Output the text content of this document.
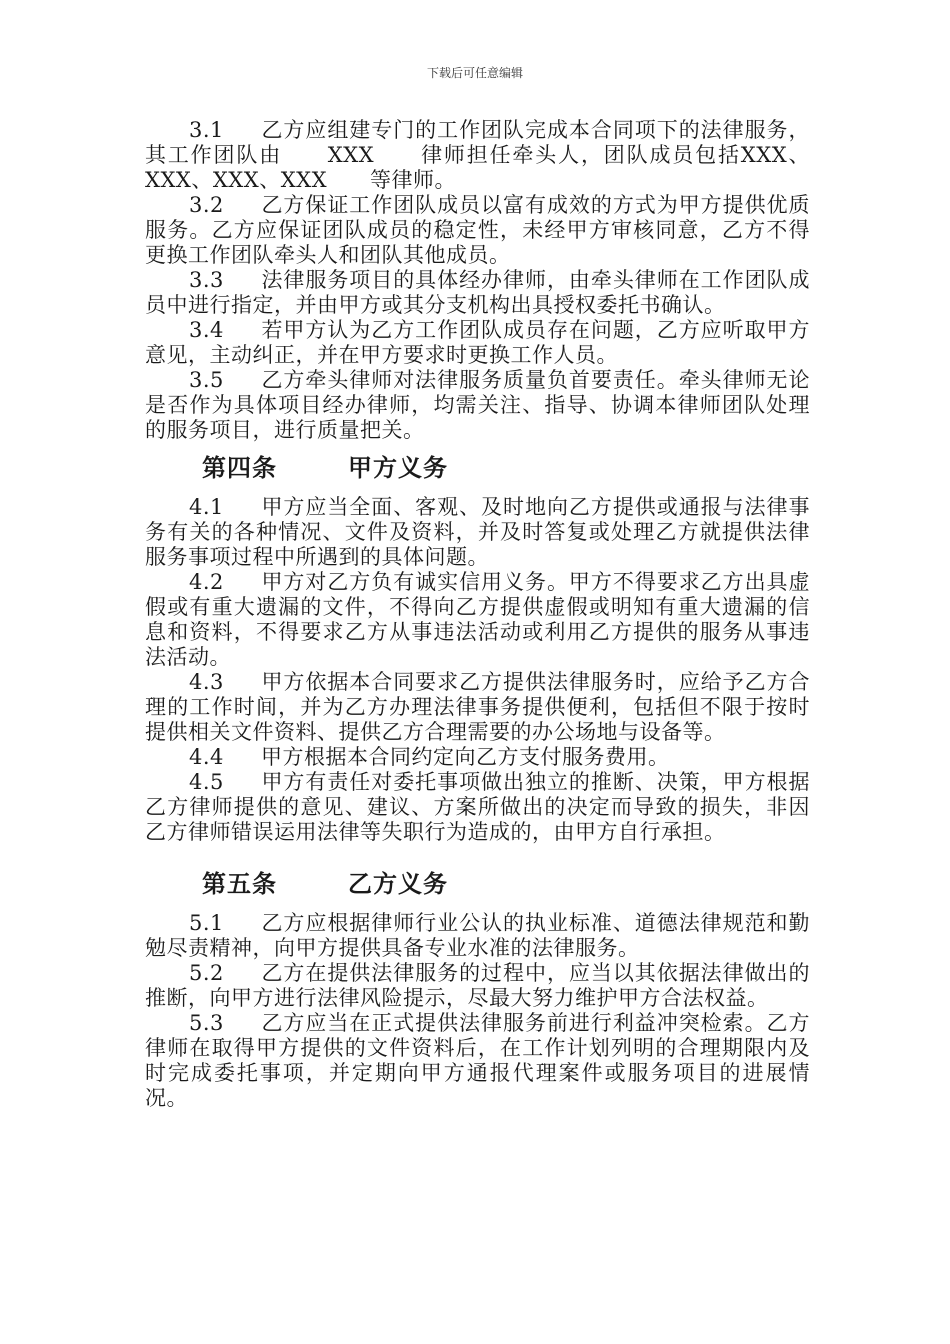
下载后可任意编辑

3.1 乙方应组建专门的工作团队完成本合同项下的法律服务，其工作团队由　　XXX　　律师担任牵头人，团队成员包括XXX、XXX、XXX、XXX　　等律师。

3.2 乙方保证工作团队成员以富有成效的方式为甲方提供优质服务。乙方应保证团队成员的稳定性，未经甲方审核同意，乙方不得更换工作团队牵头人和团队其他成员。

3.3 法律服务项目的具体经办律师，由牵头律师在工作团队成员中进行指定，并由甲方或其分支机构出具授权委托书确认。

3.4 若甲方认为乙方工作团队成员存在问题，乙方应听取甲方意见，主动纠正，并在甲方要求时更换工作人员。

3.5 乙方牵头律师对法律服务质量负首要责任。牵头律师无论是否作为具体项目经办律师，均需关注、指导、协调本律师团队处理的服务项目，进行质量把关。

第四条	甲方义务

4.1 甲方应当全面、客观、及时地向乙方提供或通报与法律事务有关的各种情况、文件及资料，并及时答复或处理乙方就提供法律服务事项过程中所遇到的具体问题。

4.2 甲方对乙方负有诚实信用义务。甲方不得要求乙方出具虚假或有重大遗漏的文件，不得向乙方提供虚假或明知有重大遗漏的信息和资料，不得要求乙方从事违法活动或利用乙方提供的服务从事违法活动。

4.3 甲方依据本合同要求乙方提供法律服务时，应给予乙方合理的工作时间，并为乙方办理法律事务提供便利，包括但不限于按时提供相关文件资料、提供乙方合理需要的办公场地与设备等。

4.4 甲方根据本合同约定向乙方支付服务费用。

4.5 甲方有责任对委托事项做出独立的推断、决策，甲方根据乙方律师提供的意见、建议、方案所做出的决定而导致的损失，非因乙方律师错误运用法律等失职行为造成的，由甲方自行承担。

第五条	乙方义务

5.1 乙方应根据律师行业公认的执业标准、道德法律规范和勤勉尽责精神，向甲方提供具备专业水准的法律服务。

5.2 乙方在提供法律服务的过程中，应当以其依据法律做出的推断，向甲方进行法律风险提示，尽最大努力维护甲方合法权益。

5.3 乙方应当在正式提供法律服务前进行利益冲突检索。乙方律师在取得甲方提供的文件资料后，在工作计划列明的合理期限内及时完成委托事项，并定期向甲方通报代理案件或服务项目的进展情况。
